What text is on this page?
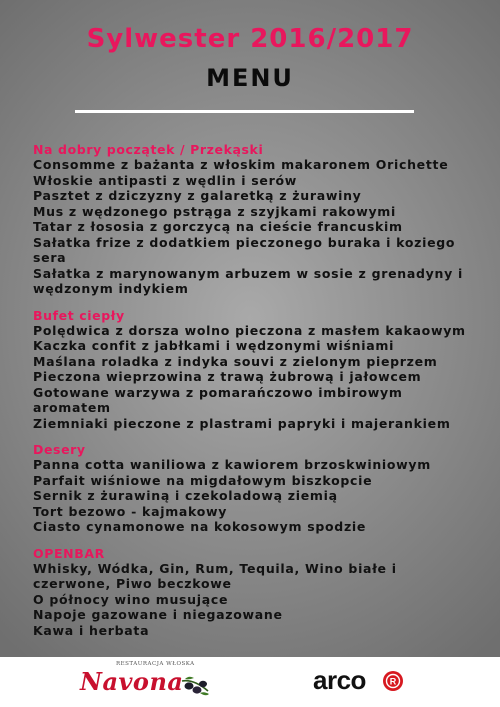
Sylwester 2016/2017
MENU
Na dobry początek / Przekąski
Consomme z bażanta z włoskim makaronem Orichette
Włoskie antipasti z wędlin i serów
Pasztet z dziczyzny z galaretką z żurawiny
Mus z wędzonego pstrąga z szyjkami rakowymi
Tatar z łososia z gorczycą na cieście francuskim
Sałatka frize z dodatkiem pieczonego buraka i koziego
sera
Sałatka z marynowanym arbuzem w sosie z grenadyny i
wędzonym indykiem
Bufet ciepły
Polędwica z dorsza wolno pieczona z masłem kakaowym
Kaczka confit z jabłkami i wędzonymi wiśniami
Maślana roladka z indyka souvi z zielonym pieprzem
Pieczona wieprzowina z trawą żubrową i jałowcem
Gotowane warzywa z pomarańczowo imbirowym
aromatem
Ziemniaki pieczone z plastrami papryki i majerankiem
Desery
Panna cotta waniliowa z kawiorem brzoskwiniowym
Parfait wiśniowe na migdałowym biszkopcie
Sernik z żurawiną i czekoladową ziemią
Tort bezowo - kajmakowy
Ciasto cynamonowe na kokosowym spodzie
OPENBAR
Whisky, Wódka, Gin, Rum, Tequila, Wino białe i
czerwone, Piwo beczkowe
O północy wino musujące
Napoje gazowane i niegazowane
Kawa i herbata
RESTAURACJA WŁOSKA
Navona	arco	R
